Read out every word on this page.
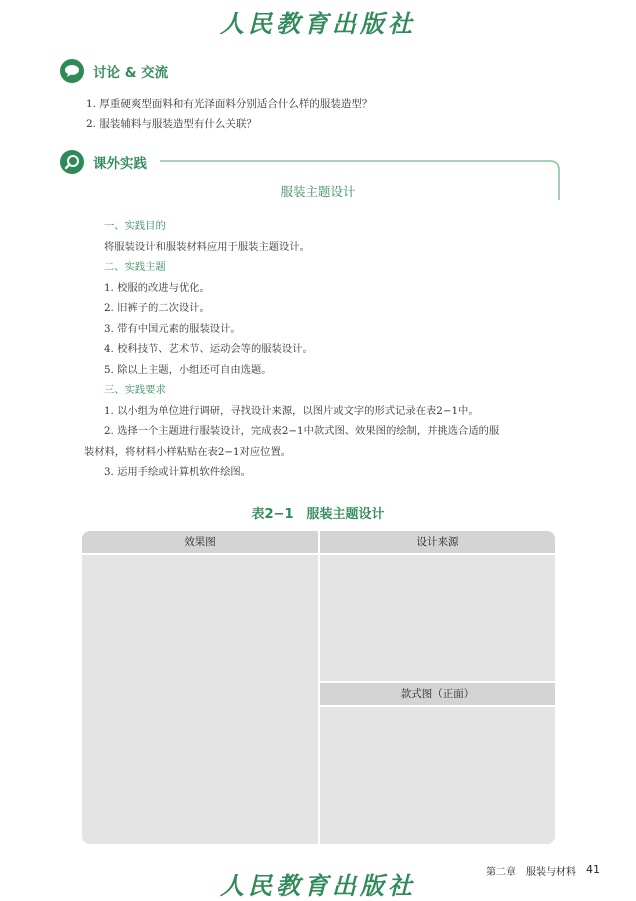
人民教育出版社
讨论 & 交流
1. 厚重硬爽型面料和有光泽面料分别适合什么样的服装造型？
2. 服装辅料与服装造型有什么关联？
课外实践
服装主题设计
一、实践目的
将服装设计和服装材料应用于服装主题设计。
二、实践主题
1. 校服的改进与优化。
2. 旧裤子的二次设计。
3. 带有中国元素的服装设计。
4. 校科技节、艺术节、运动会等的服装设计。
5. 除以上主题，小组还可自由选题。
三、实践要求
1. 以小组为单位进行调研，寻找设计来源，以图片或文字的形式记录在表2−1中。
2. 选择一个主题进行服装设计，完成表2−1中款式图、效果图的绘制，并挑选合适的服
装材料，将材料小样粘贴在表2−1对应位置。
3. 运用手绘或计算机软件绘图。
表2−1　服装主题设计
效果图	设计来源
款式图（正面）
第二章　服装与材料 41
人民教育出版社
